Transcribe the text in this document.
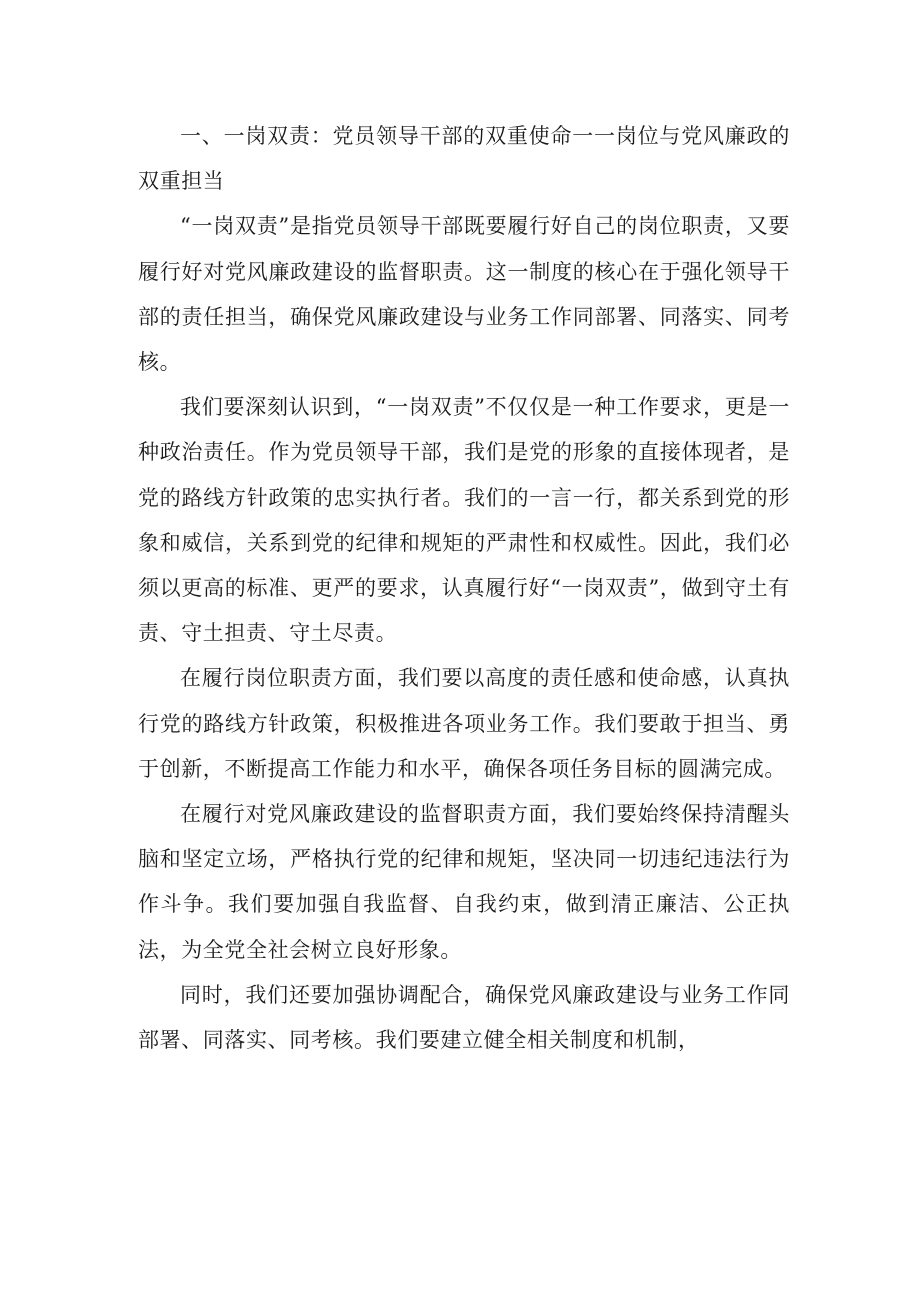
一、一岗双责：党员领导干部的双重使命一一岗位与党风廉政的双重担当

“一岗双责”是指党员领导干部既要履行好自己的岗位职责，又要履行好对党风廉政建设的监督职责。这一制度的核心在于强化领导干部的责任担当，确保党风廉政建设与业务工作同部署、同落实、同考核。

我们要深刻认识到，“一岗双责”不仅仅是一种工作要求，更是一种政治责任。作为党员领导干部，我们是党的形象的直接体现者，是党的路线方针政策的忠实执行者。我们的一言一行，都关系到党的形象和威信，关系到党的纪律和规矩的严肃性和权威性。因此，我们必须以更高的标准、更严的要求，认真履行好“一岗双责”，做到守土有责、守土担责、守土尽责。

在履行岗位职责方面，我们要以高度的责任感和使命感，认真执行党的路线方针政策，积极推进各项业务工作。我们要敢于担当、勇于创新，不断提高工作能力和水平，确保各项任务目标的圆满完成。

在履行对党风廉政建设的监督职责方面，我们要始终保持清醒头脑和坚定立场，严格执行党的纪律和规矩，坚决同一切违纪违法行为作斗争。我们要加强自我监督、自我约束，做到清正廉洁、公正执法，为全党全社会树立良好形象。

同时，我们还要加强协调配合，确保党风廉政建设与业务工作同部署、同落实、同考核。我们要建立健全相关制度和机制，
